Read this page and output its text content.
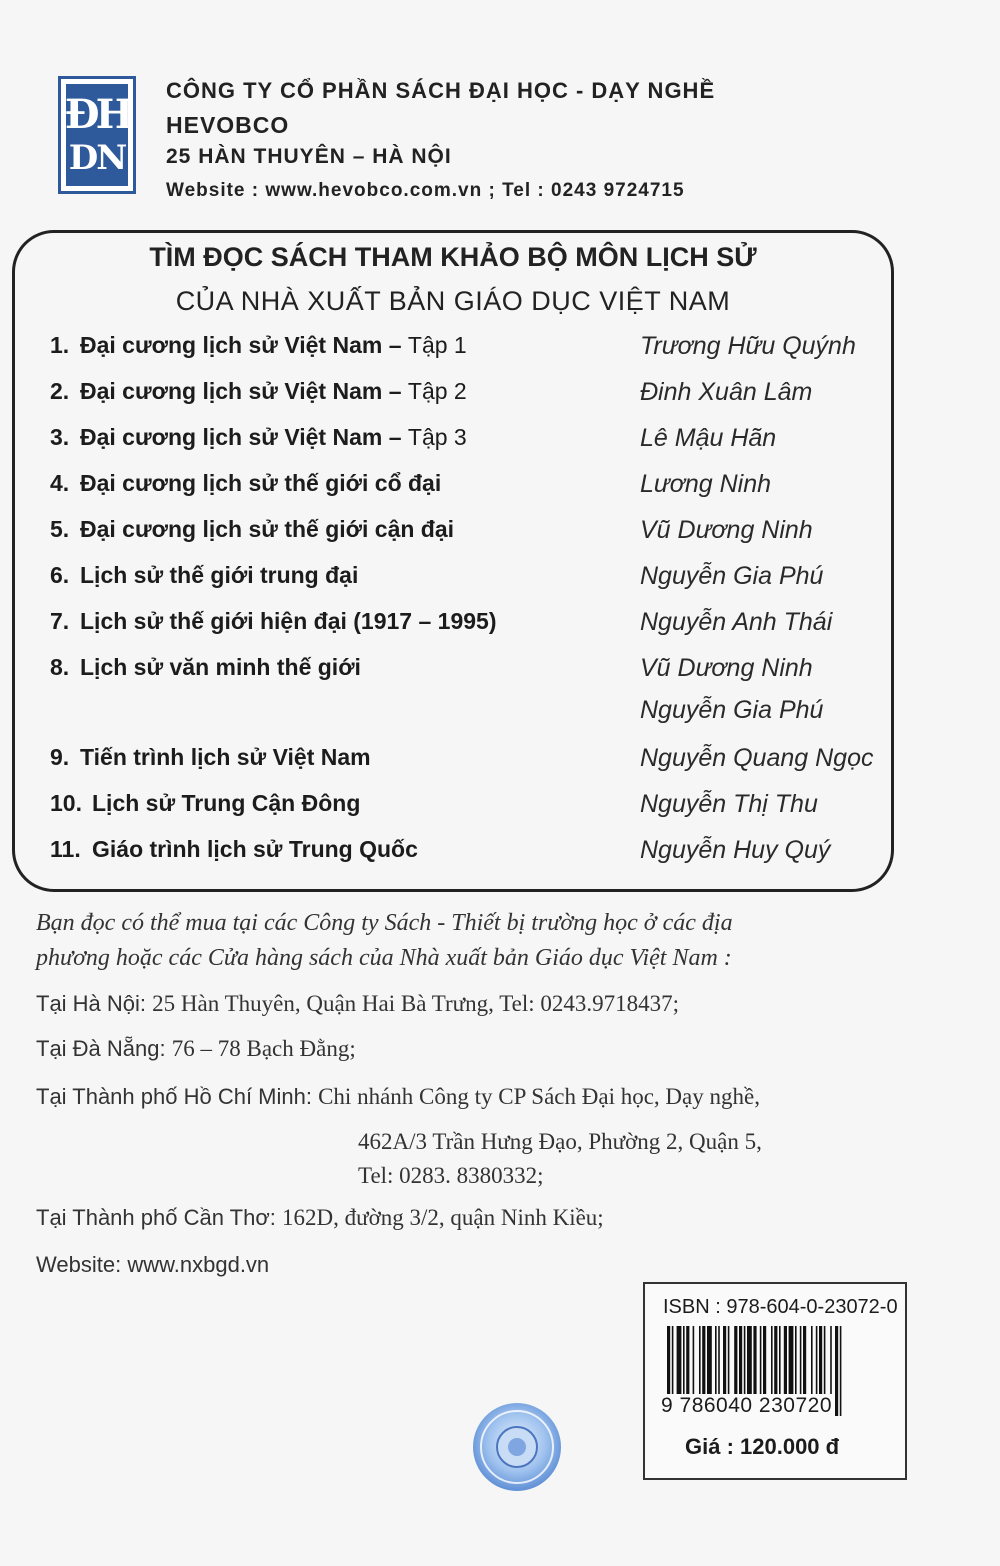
ĐH
DN
CÔNG TY CỔ PHẦN SÁCH ĐẠI HỌC - DẠY NGHỀ
HEVOBCO
25 HÀN THUYÊN – HÀ NỘI
Website : www.hevobco.com.vn ; Tel : 0243 9724715
TÌM ĐỌC SÁCH THAM KHẢO BỘ MÔN LỊCH SỬ
CỦA NHÀ XUẤT BẢN GIÁO DỤC VIỆT NAM
1. Đại cương lịch sử Việt Nam – Tập 1	Trương Hữu Quýnh
2. Đại cương lịch sử Việt Nam – Tập 2	Đinh Xuân Lâm
3. Đại cương lịch sử Việt Nam – Tập 3	Lê Mậu Hãn
4. Đại cương lịch sử thế giới cổ đại	Lương Ninh
5. Đại cương lịch sử thế giới cận đại	Vũ Dương Ninh
6. Lịch sử thế giới trung đại	Nguyễn Gia Phú
7. Lịch sử thế giới hiện đại (1917 – 1995)	Nguyễn Anh Thái
8. Lịch sử văn minh thế giới	Vũ Dương Ninh
Nguyễn Gia Phú
9. Tiến trình lịch sử Việt Nam	Nguyễn Quang Ngọc
10. Lịch sử Trung Cận Đông	Nguyễn Thị Thu
11. Giáo trình lịch sử Trung Quốc	Nguyễn Huy Quý
Bạn đọc có thể mua tại các Công ty Sách - Thiết bị trường học ở các địa
phương hoặc các Cửa hàng sách của Nhà xuất bản Giáo dục Việt Nam :
Tại Hà Nội: 25 Hàn Thuyên, Quận Hai Bà Trưng, Tel: 0243.9718437;
Tại Đà Nẵng: 76 – 78 Bạch Đằng;
Tại Thành phố Hồ Chí Minh: Chi nhánh Công ty CP Sách Đại học, Dạy nghề,
462A/3 Trần Hưng Đạo, Phường 2, Quận 5,
Tel: 0283. 8380332;
Tại Thành phố Cần Thơ: 162D, đường 3/2, quận Ninh Kiều;
Website: www.nxbgd.vn
ISBN : 978-604-0-23072-0
9 786040 230720
Giá : 120.000 đ
